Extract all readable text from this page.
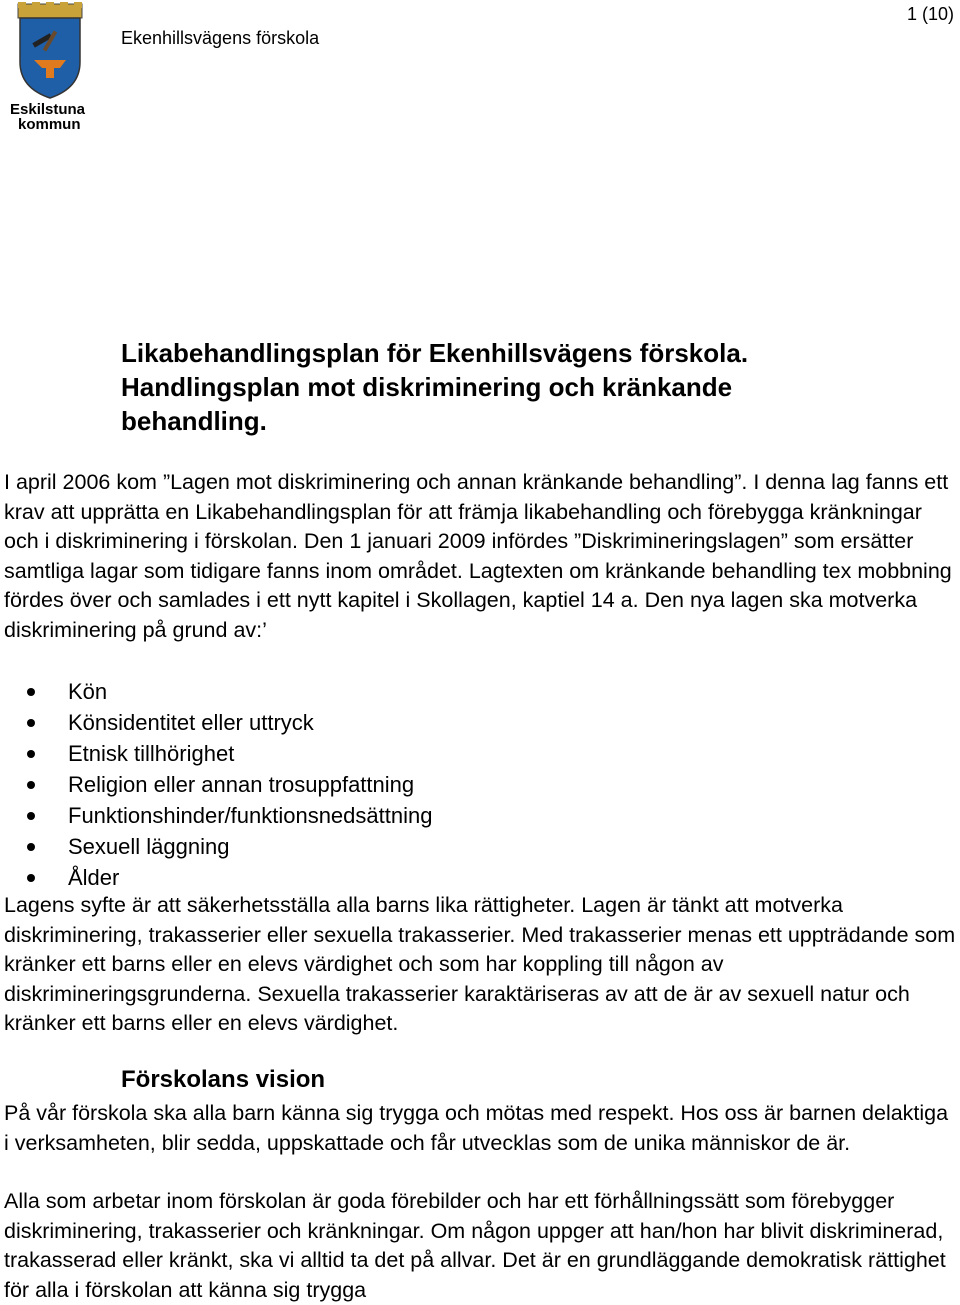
Eskilstuna
kommun
Ekenhillsvägens förskola
1 (10)
Likabehandlingsplan för Ekenhillsvägens förskola.
Handlingsplan mot diskriminering och kränkande
behandling.
I april 2006 kom ”Lagen mot diskriminering och annan kränkande behandling”. I denna lag fanns ett krav att upprätta en Likabehandlingsplan för att främja likabehandling och förebygga kränkningar och i diskriminering i förskolan. Den 1 januari 2009 infördes ”Diskrimineringslagen” som ersätter samtliga lagar som tidigare fanns inom området. Lagtexten om kränkande behandling tex mobbning fördes över och samlades i ett nytt kapitel i Skollagen, kaptiel 14 a. Den nya lagen ska motverka diskriminering på grund av:’
Kön
Könsidentitet eller uttryck
Etnisk tillhörighet
Religion eller annan trosuppfattning
Funktionshinder/funktionsnedsättning
Sexuell läggning
Ålder
Lagens syfte är att säkerhetsställa alla barns lika rättigheter. Lagen är tänkt att motverka diskriminering, trakasserier eller sexuella trakasserier. Med trakasserier menas ett uppträdande som kränker ett barns eller en elevs värdighet och som har koppling till någon av diskrimineringsgrunderna. Sexuella trakasserier karaktäriseras av att de är av sexuell natur och kränker ett barns eller en elevs värdighet.
Förskolans vision
På vår förskola ska alla barn känna sig trygga och mötas med respekt. Hos oss är barnen delaktiga i verksamheten, blir sedda, uppskattade och får utvecklas som de unika människor de är.
Alla som arbetar inom förskolan är goda förebilder och har ett förhållningssätt som förebygger diskriminering, trakasserier och kränkningar. Om någon uppger att han/hon har blivit diskriminerad, trakasserad eller kränkt, ska vi alltid ta det på allvar. Det är en grundläggande demokratisk rättighet för alla i förskolan att känna sig trygga
